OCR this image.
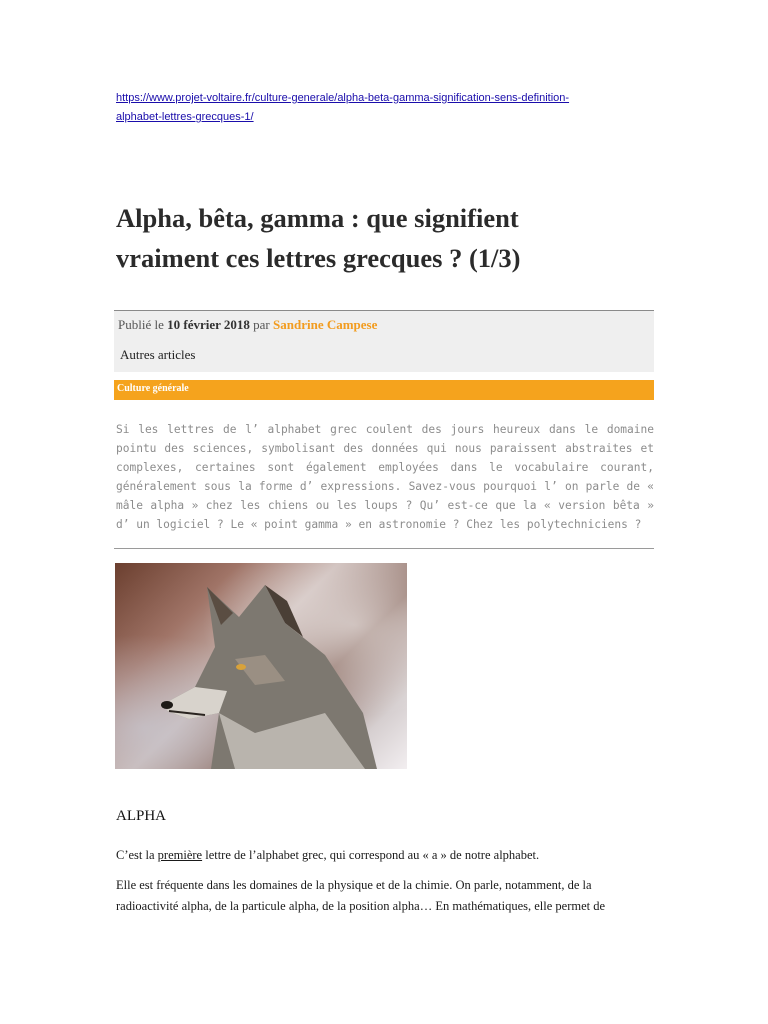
https://www.projet-voltaire.fr/culture-generale/alpha-beta-gamma-signification-sens-definition-
alphabet-lettres-grecques-1/
Alpha, bêta, gamma : que signifient
vraiment ces lettres grecques ? (1/3)
Publié le 10 février 2018 par Sandrine Campese
Autres articles
Culture générale

Si les lettres de l’ alphabet grec coulent des jours heureux dans le domaine pointu des sciences, symbolisant des données qui nous paraissent abstraites et complexes, certaines sont également employées dans le vocabulaire courant, généralement sous la forme d’ expressions. Savez-vous pourquoi l’ on parle de « mâle alpha » chez les chiens ou les loups ? Qu’ est-ce que la « version bêta » d’ un logiciel ? Le « point gamma » en astronomie ? Chez les polytechniciens ?

ALPHA

C’est la première lettre de l’alphabet grec, qui correspond au « a » de notre alphabet.

Elle est fréquente dans les domaines de la physique et de la chimie. On parle, notamment, de la radioactivité alpha, de la particule alpha, de la position alpha… En mathématiques, elle permet de
